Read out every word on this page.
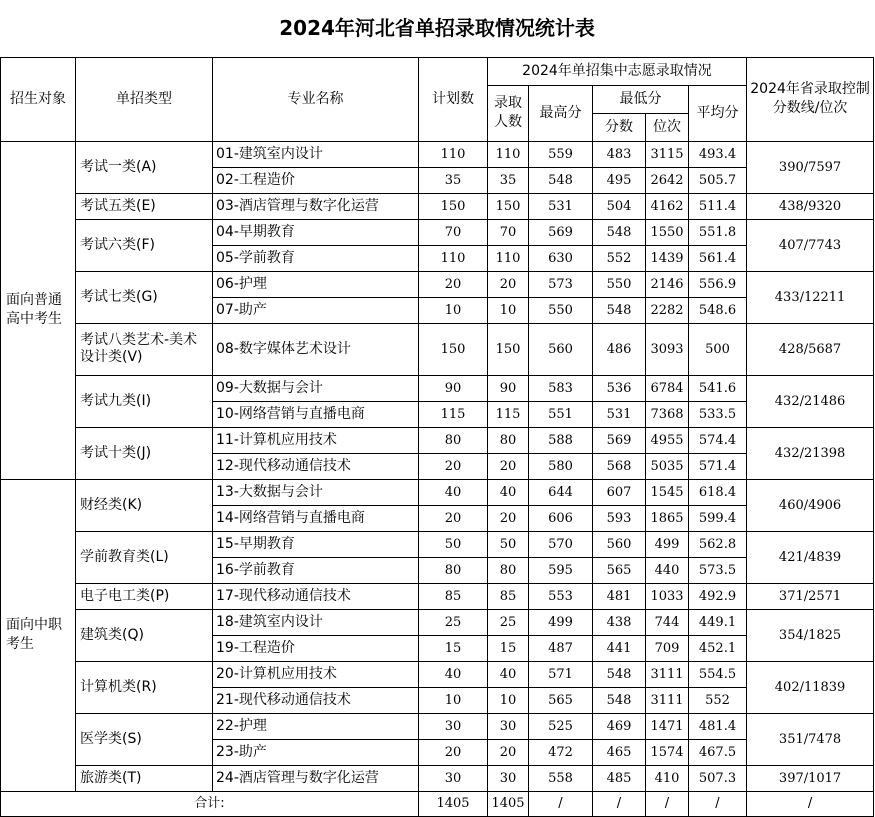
2024年河北省单招录取情况统计表									
招生对象	单招类型	专业名称	计划数	2024年单招集中志愿录取情况					2024年省录取控制分数线/位次
				录取人数	最高分	最低分		平均分	
						分数	位次		
面向普通高中考生	考试一类(A)	01-建筑室内设计	110	110	559	483	3115	493.4	390/7597
		02-工程造价	35	35	548	495	2642	505.7	
	考试五类(E)	03-酒店管理与数字化运营	150	150	531	504	4162	511.4	438/9320
	考试六类(F)	04-早期教育	70	70	569	548	1550	551.8	407/7743
		05-学前教育	110	110	630	552	1439	561.4	
	考试七类(G)	06-护理	20	20	573	550	2146	556.9	433/12211
		07-助产	10	10	550	548	2282	548.6	
	考试八类艺术-美术设计类(V)	08-数字媒体艺术设计	150	150	560	486	3093	500	428/5687
	考试九类(I)	09-大数据与会计	90	90	583	536	6784	541.6	432/21486
		10-网络营销与直播电商	115	115	551	531	7368	533.5	
	考试十类(J)	11-计算机应用技术	80	80	588	569	4955	574.4	432/21398
		12-现代移动通信技术	20	20	580	568	5035	571.4	
面向中职考生	财经类(K)	13-大数据与会计	40	40	644	607	1545	618.4	460/4906
		14-网络营销与直播电商	20	20	606	593	1865	599.4	
	学前教育类(L)	15-早期教育	50	50	570	560	499	562.8	421/4839
		16-学前教育	80	80	595	565	440	573.5	
	电子电工类(P)	17-现代移动通信技术	85	85	553	481	1033	492.9	371/2571
	建筑类(Q)	18-建筑室内设计	25	25	499	438	744	449.1	354/1825
		19-工程造价	15	15	487	441	709	452.1	
	计算机类(R)	20-计算机应用技术	40	40	571	548	3111	554.5	402/11839
		21-现代移动通信技术	10	10	565	548	3111	552	
	医学类(S)	22-护理	30	30	525	469	1471	481.4	351/7478
		23-助产	20	20	472	465	1574	467.5	
	旅游类(T)	24-酒店管理与数字化运营	30	30	558	485	410	507.3	397/1017
合计:			1405	1405	/	/	/	/	/
